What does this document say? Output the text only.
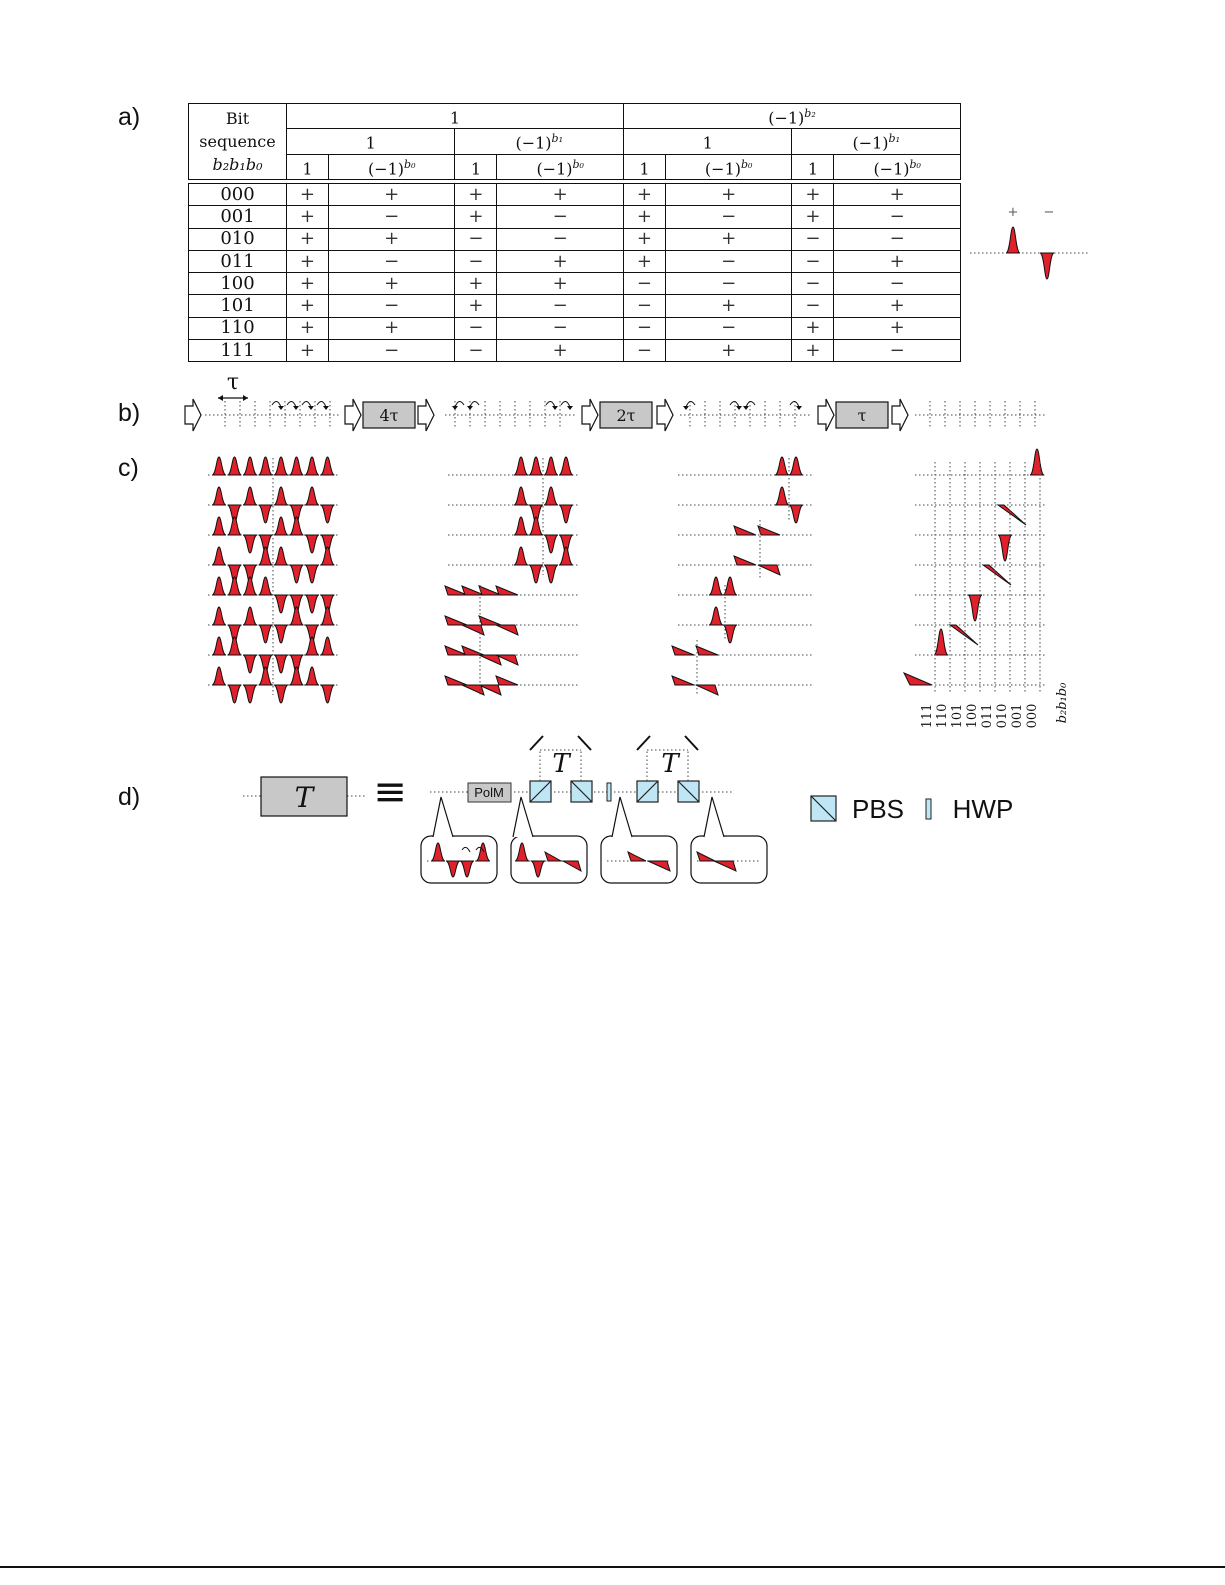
a)
b)
c)
d)
Bit
sequence
b₂b₁b₀	1				$(-1)^{b_2}$
	1		$(-1)^{b_1}$		1		$(-1)^{b_1}$
	1	$(-1)^{b_0}$	1	$(-1)^{b_0}$	1	$(-1)^{b_0}$	1	$(-1)^{b_0}$

000	+	+	+	+	+	+	+	+
001	+	−	+	−	+	−	+	−
010	+	+	−	−	+	+	−	−
011	+	−	−	+	+	−	−	+
100	+	+	+	+	−	−	−	−
101	+	−	+	−	−	+	−	+
110	+	+	−	−	−	−	+	+
111	+	−	−	+	−	+	+	−
+ −
4τ	2τ	τ
τ
111 110 101 100 011 010 001 000 b₂b₁b₀
T ≡	PolM
T	T
PBS HWP
